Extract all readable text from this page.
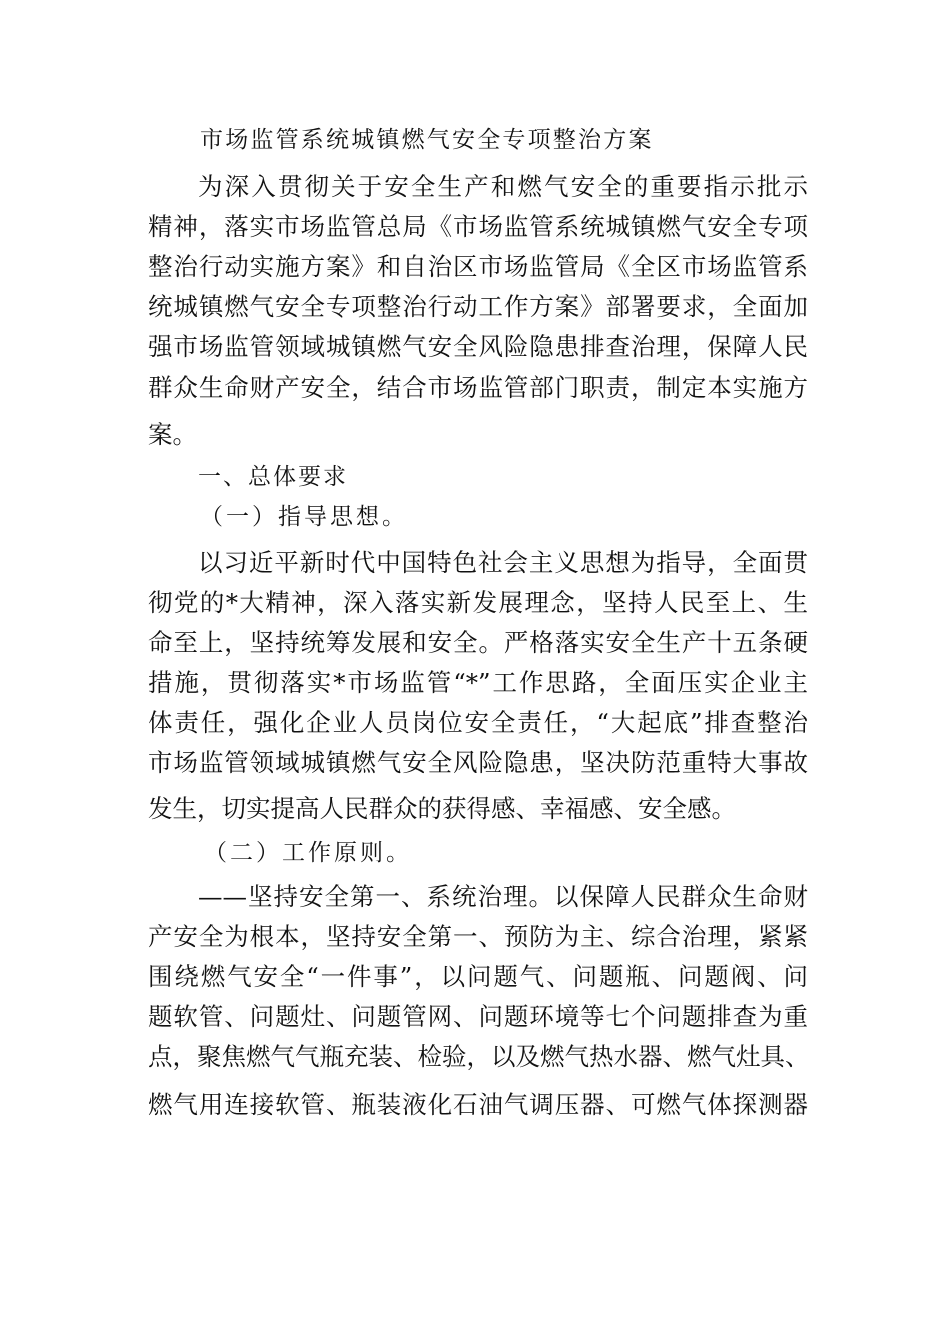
市场监管系统城镇燃气安全专项整治方案
为深入贯彻关于安全生产和燃气安全的重要指示批示
精神，落实市场监管总局《市场监管系统城镇燃气安全专项
整治行动实施方案》和自治区市场监管局《全区市场监管系
统城镇燃气安全专项整治行动工作方案》部署要求，全面加
强市场监管领域城镇燃气安全风险隐患排查治理，保障人民
群众生命财产安全，结合市场监管部门职责，制定本实施方
案。
一、总体要求
（一）指导思想。
以习近平新时代中国特色社会主义思想为指导，全面贯
彻党的*大精神，深入落实新发展理念，坚持人民至上、生
命至上，坚持统筹发展和安全。严格落实安全生产十五条硬
措施，贯彻落实*市场监管“*”工作思路，全面压实企业主
体责任，强化企业人员岗位安全责任，“大起底”排查整治
市场监管领域城镇燃气安全风险隐患，坚决防范重特大事故
发生，切实提高人民群众的获得感、幸福感、安全感。
（二）工作原则。
——坚持安全第一、系统治理。以保障人民群众生命财
产安全为根本，坚持安全第一、预防为主、综合治理，紧紧
围绕燃气安全“一件事”，以问题气、问题瓶、问题阀、问
题软管、问题灶、问题管网、问题环境等七个问题排查为重
点，聚焦燃气气瓶充装、检验，以及燃气热水器、燃气灶具、
燃气用连接软管、瓶装液化石油气调压器、可燃气体探测器
